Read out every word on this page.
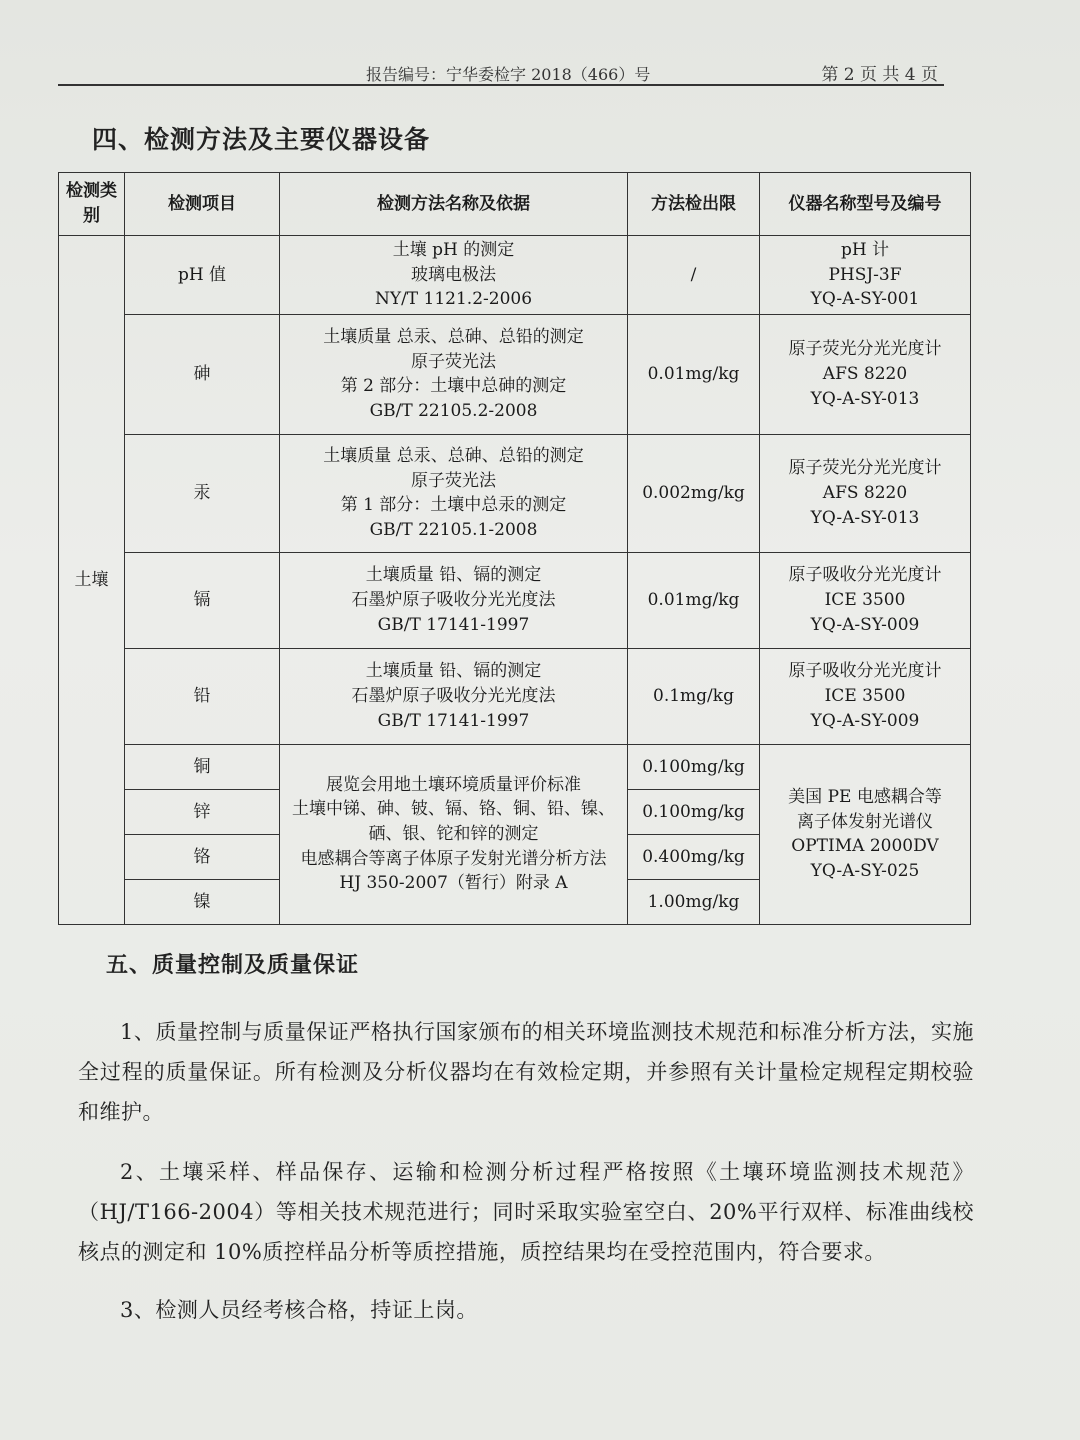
报告编号：宁华委检字 2018（466）号	第 2 页 共 4 页
四、检测方法及主要仪器设备
检测类别	检测项目	检测方法名称及依据	方法检出限	仪器名称型号及编号
土壤	pH 值	土壤 pH 的测定
玻璃电极法
NY/T 1121.2-2006	/	pH 计
PHSJ-3F
YQ-A-SY-001

	砷	土壤质量 总汞、总砷、总铅的测定
原子荧光法
第 2 部分：土壤中总砷的测定
GB/T 22105.2-2008	0.01mg/kg	原子荧光分光光度计
AFS 8220
YQ-A-SY-013

	汞	土壤质量 总汞、总砷、总铅的测定
原子荧光法
第 1 部分：土壤中总汞的测定
GB/T 22105.1-2008	0.002mg/kg	原子荧光分光光度计
AFS 8220
YQ-A-SY-013

	镉	土壤质量 铅、镉的测定
石墨炉原子吸收分光光度法
GB/T 17141-1997	0.01mg/kg	原子吸收分光光度计
ICE 3500
YQ-A-SY-009

	铅	土壤质量 铅、镉的测定
石墨炉原子吸收分光光度法
GB/T 17141-1997	0.1mg/kg	原子吸收分光光度计
ICE 3500
YQ-A-SY-009

	铜	展览会用地土壤环境质量评价标准
土壤中锑、砷、铍、镉、铬、铜、铅、镍、
硒、银、铊和锌的测定
电感耦合等离子体原子发射光谱分析方法
HJ 350-2007（暂行）附录 A	0.100mg/kg	美国 PE 电感耦合等
离子体发射光谱仪
OPTIMA 2000DV
YQ-A-SY-025

	锌		0.100mg/kg	
	铬		0.400mg/kg	
	镍		1.00mg/kg	
五、质量控制及质量保证
1、质量控制与质量保证严格执行国家颁布的相关环境监测技术规范和标准分析方法，实施全过程的质量保证。所有检测及分析仪器均在有效检定期，并参照有关计量检定规程定期校验和维护。
2、土壤采样、样品保存、运输和检测分析过程严格按照《土壤环境监测技术规范》（HJ/T166-2004）等相关技术规范进行；同时采取实验室空白、20%平行双样、标准曲线校核点的测定和 10%质控样品分析等质控措施，质控结果均在受控范围内，符合要求。
3、检测人员经考核合格，持证上岗。
